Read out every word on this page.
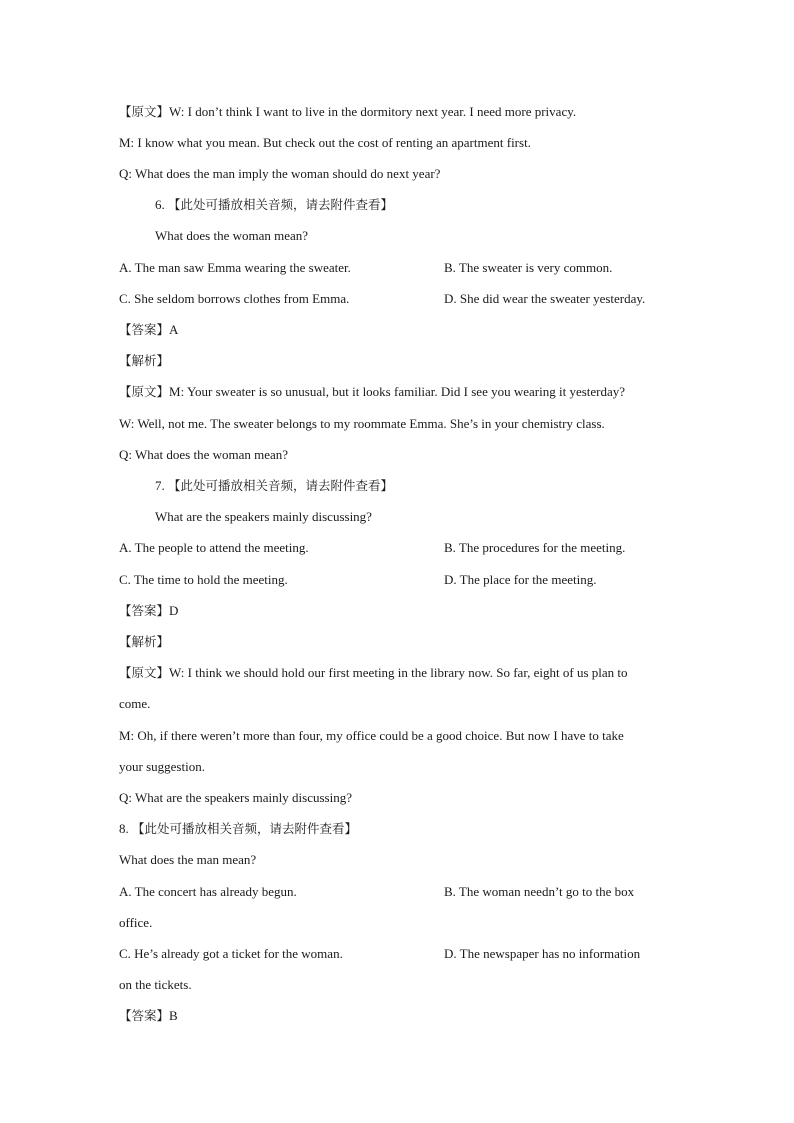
【原文】W: I don’t think I want to live in the dormitory next year. I need more privacy.
M: I know what you mean. But check out the cost of renting an apartment first.
Q: What does the man imply the woman should do next year?
6. 【此处可播放相关音频，请去附件查看】
What does the woman mean?
A. The man saw Emma wearing the sweater.	B. The sweater is very common.
C. She seldom borrows clothes from Emma.	D. She did wear the sweater yesterday.
【答案】A
【解析】
【原文】M: Your sweater is so unusual, but it looks familiar. Did I see you wearing it yesterday?
W: Well, not me. The sweater belongs to my roommate Emma. She’s in your chemistry class.
Q: What does the woman mean?
7. 【此处可播放相关音频，请去附件查看】
What are the speakers mainly discussing?
A. The people to attend the meeting.	B. The procedures for the meeting.
C. The time to hold the meeting.	D. The place for the meeting.
【答案】D
【解析】
【原文】W: I think we should hold our first meeting in the library now. So far, eight of us plan to
come.
M: Oh, if there weren’t more than four, my office could be a good choice. But now I have to take
your suggestion.
Q: What are the speakers mainly discussing?
8. 【此处可播放相关音频，请去附件查看】
What does the man mean?
A. The concert has already begun.	B. The woman needn’t go to the box
office.
C. He’s already got a ticket for the woman.	D. The newspaper has no information
on the tickets.
【答案】B
